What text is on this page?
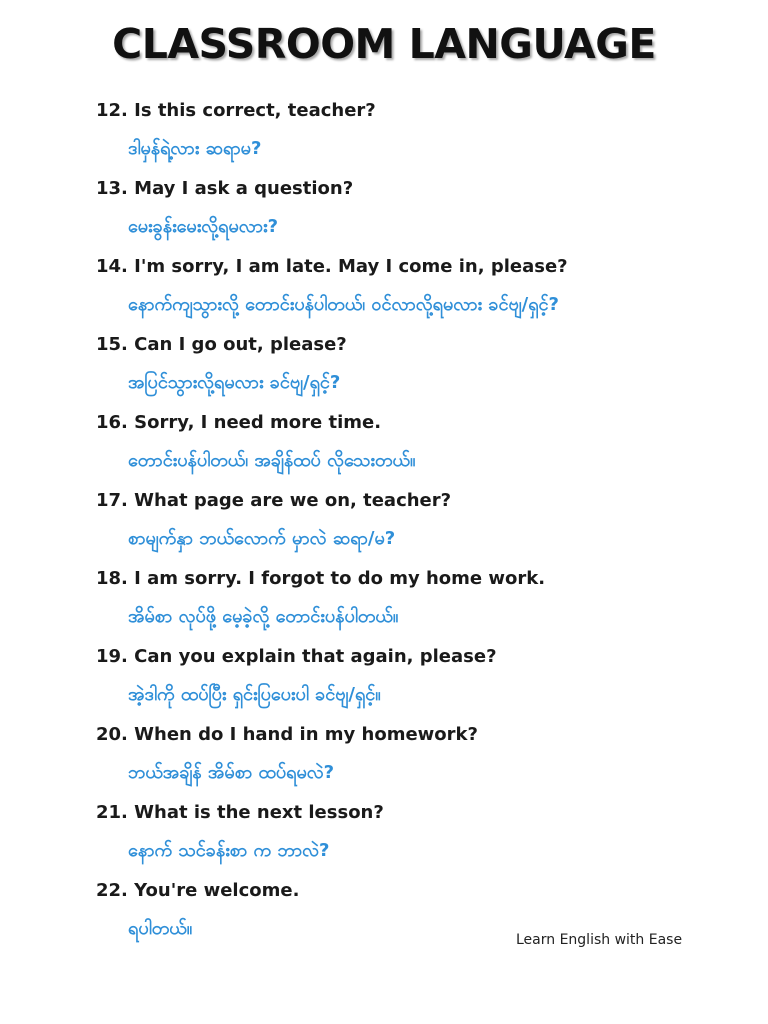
CLASSROOM LANGUAGE
12. Is this correct, teacher?
ဒါမှန်ရဲ့လား ဆရာမ?
13. May I ask a question?
မေးခွန်းမေးလို့ရမလား?
14. I'm sorry, I am late. May I come in, please?
နောက်ကျသွားလို့ တောင်းပန်ပါတယ်၊ ဝင်လာလို့ရမလား ခင်ဗျ/ရှင့်?
15. Can I go out, please?
အပြင်သွားလို့ရမလား ခင်ဗျ/ရှင့်?
16. Sorry, I need more time.
တောင်းပန်ပါတယ်၊ အချိန်ထပ် လိုသေးတယ်။
17. What page are we on, teacher?
စာမျက်နှာ ဘယ်လောက် မှာလဲ ဆရာ/မ?
18. I am sorry. I forgot to do my home work.
အိမ်စာ လုပ်ဖို့ မေ့ခဲ့လို့ တောင်းပန်ပါတယ်။
19. Can you explain that again, please?
အဲ့ဒါကို ထပ်ပြီး ရှင်းပြပေးပါ ခင်ဗျ/ရှင့်။
20. When do I hand in my homework?
ဘယ်အချိန် အိမ်စာ ထပ်ရမလဲ?
21. What is the next lesson?
နောက် သင်ခန်းစာ က ဘာလဲ?
22. You're welcome.
ရပါတယ်။
Learn English with Ease
